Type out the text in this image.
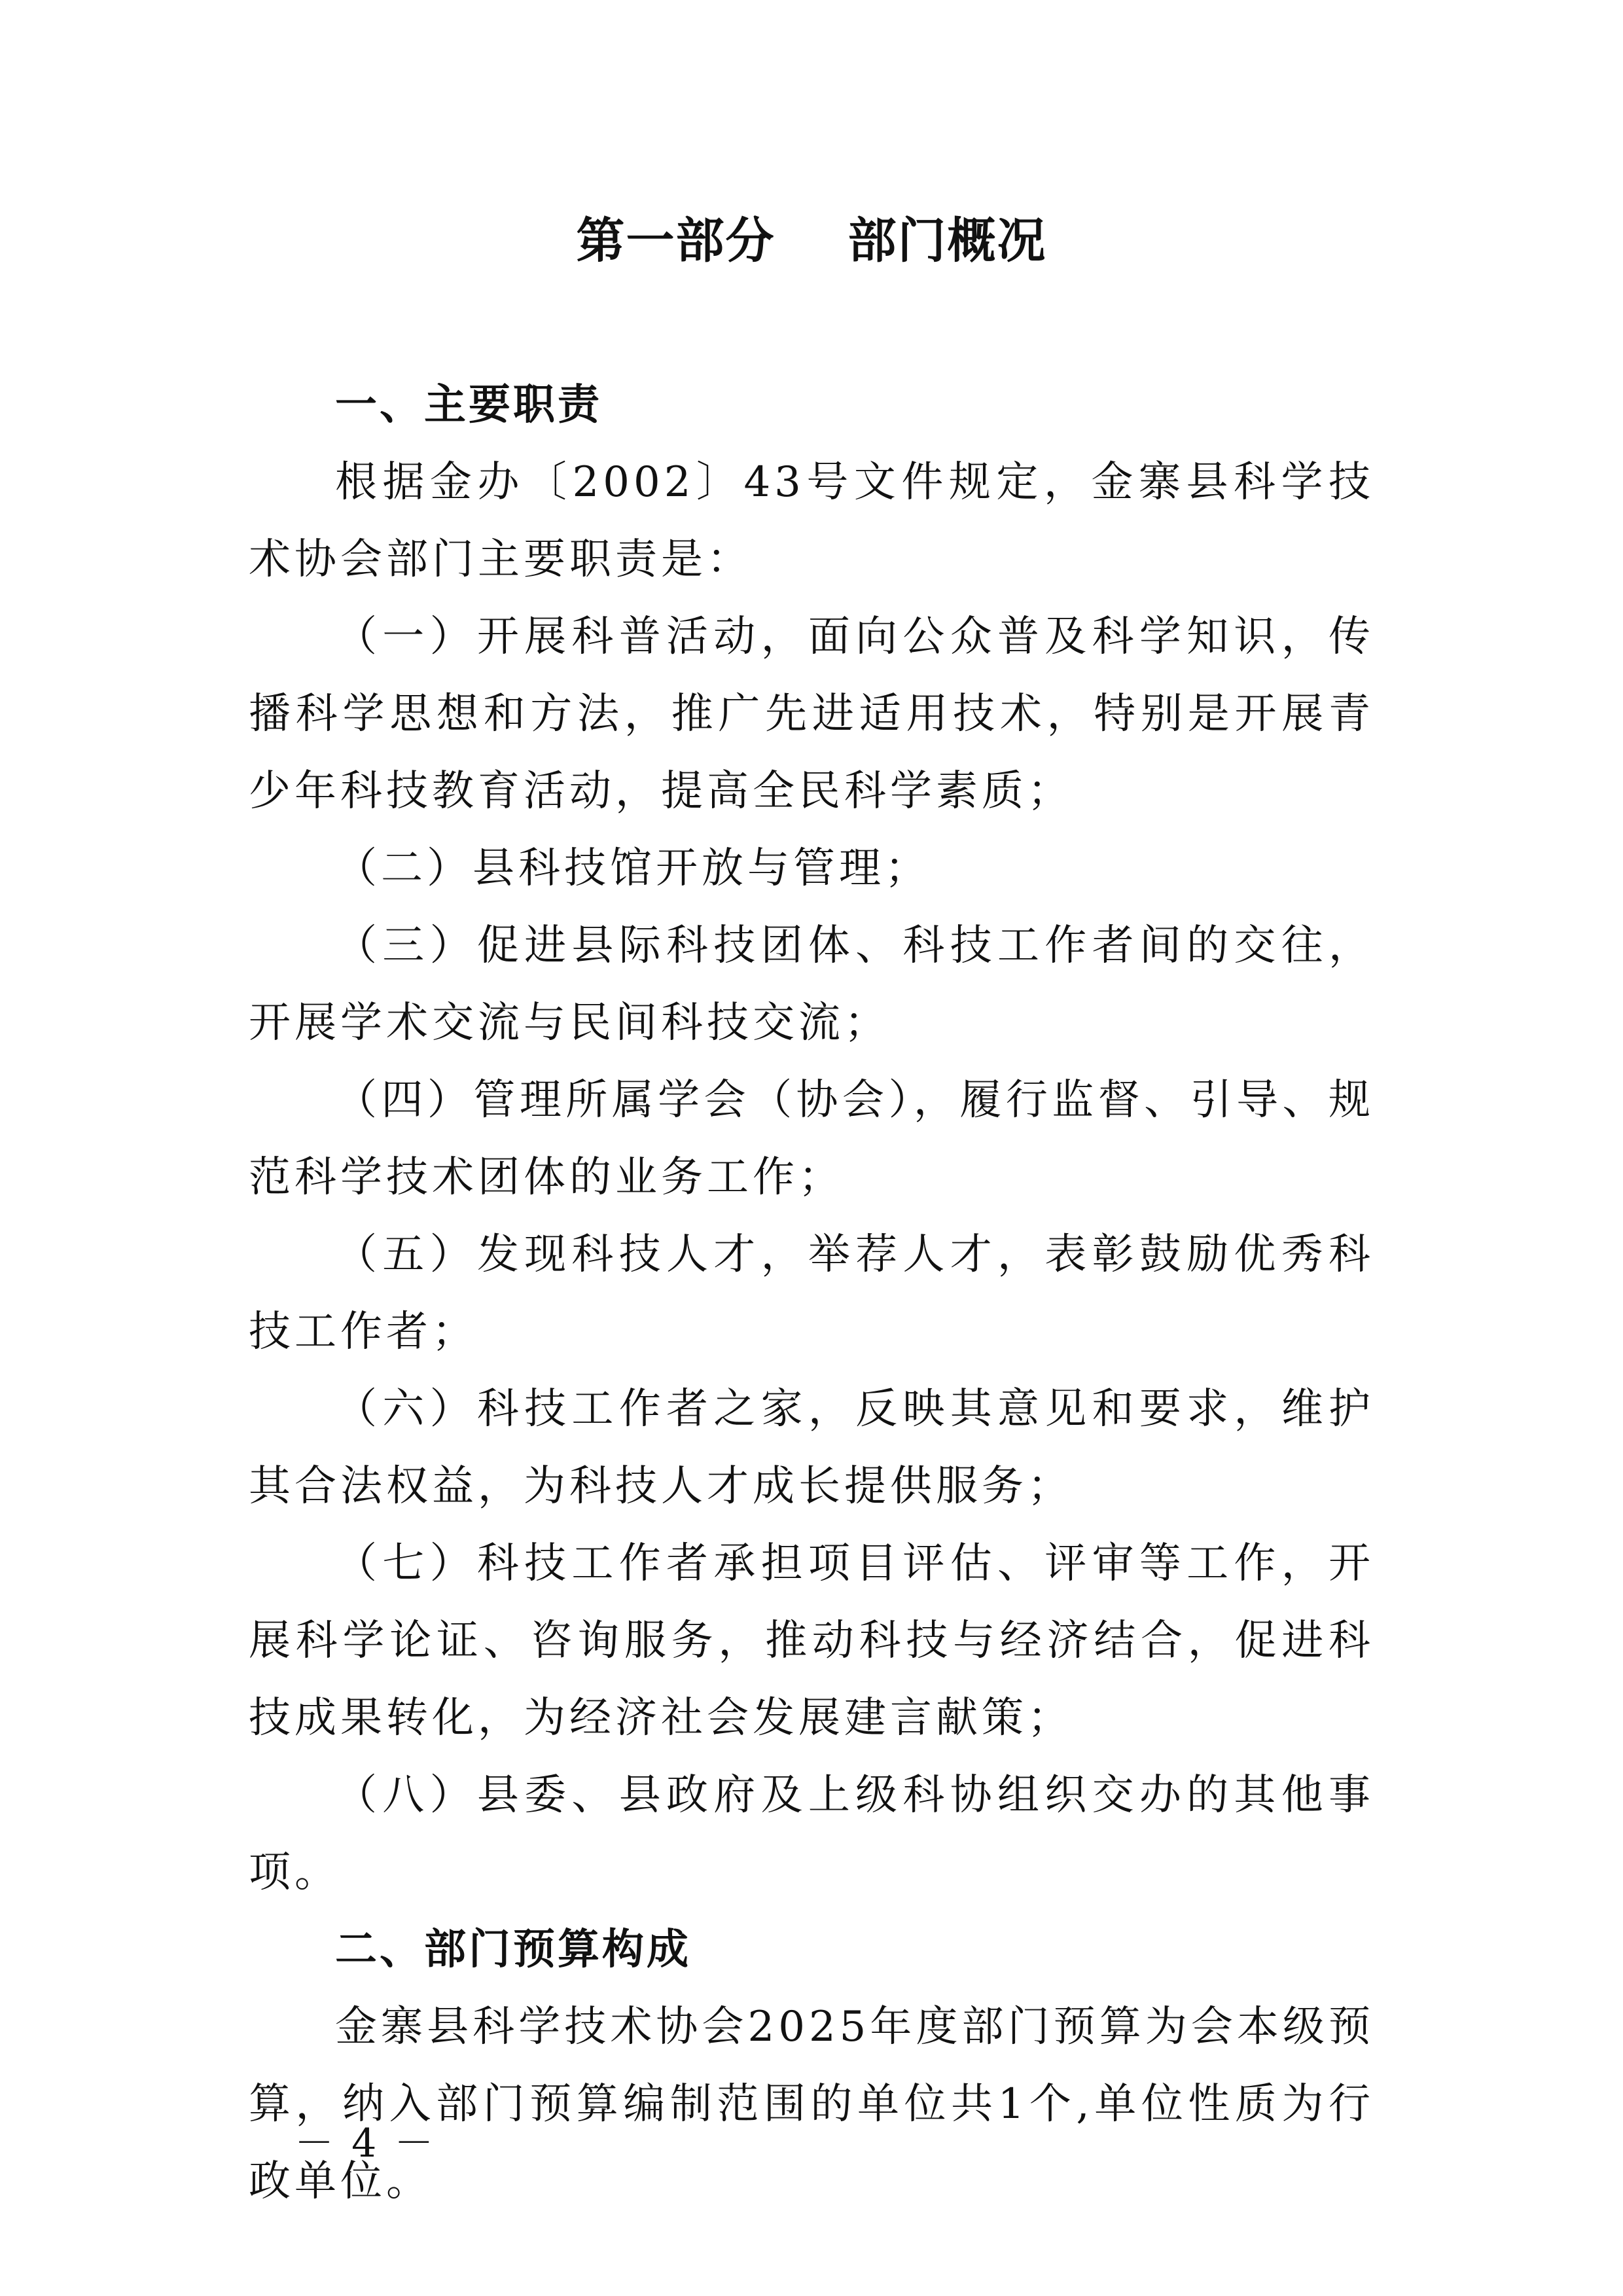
第一部分    部门概况

一、主要职责

根据金办〔2002〕43号文件规定，金寨县科学技术协会部门主要职责是：

（一）开展科普活动，面向公众普及科学知识，传播科学思想和方法，推广先进适用技术，特别是开展青少年科技教育活动，提高全民科学素质；

（二）县科技馆开放与管理；

（三）促进县际科技团体、科技工作者间的交往，开展学术交流与民间科技交流；

（四）管理所属学会（协会），履行监督、引导、规范科学技术团体的业务工作；

（五）发现科技人才，举荐人才，表彰鼓励优秀科技工作者；

（六）科技工作者之家，反映其意见和要求，维护其合法权益，为科技人才成长提供服务；

（七）科技工作者承担项目评估、评审等工作，开展科学论证、咨询服务，推动科技与经济结合，促进科技成果转化，为经济社会发展建言献策；

（八）县委、县政府及上级科协组织交办的其他事项。

二、部门预算构成

金寨县科学技术协会2025年度部门预算为会本级预算，纳入部门预算编制范围的单位共1个,单位性质为行政单位。

－ 4 －
